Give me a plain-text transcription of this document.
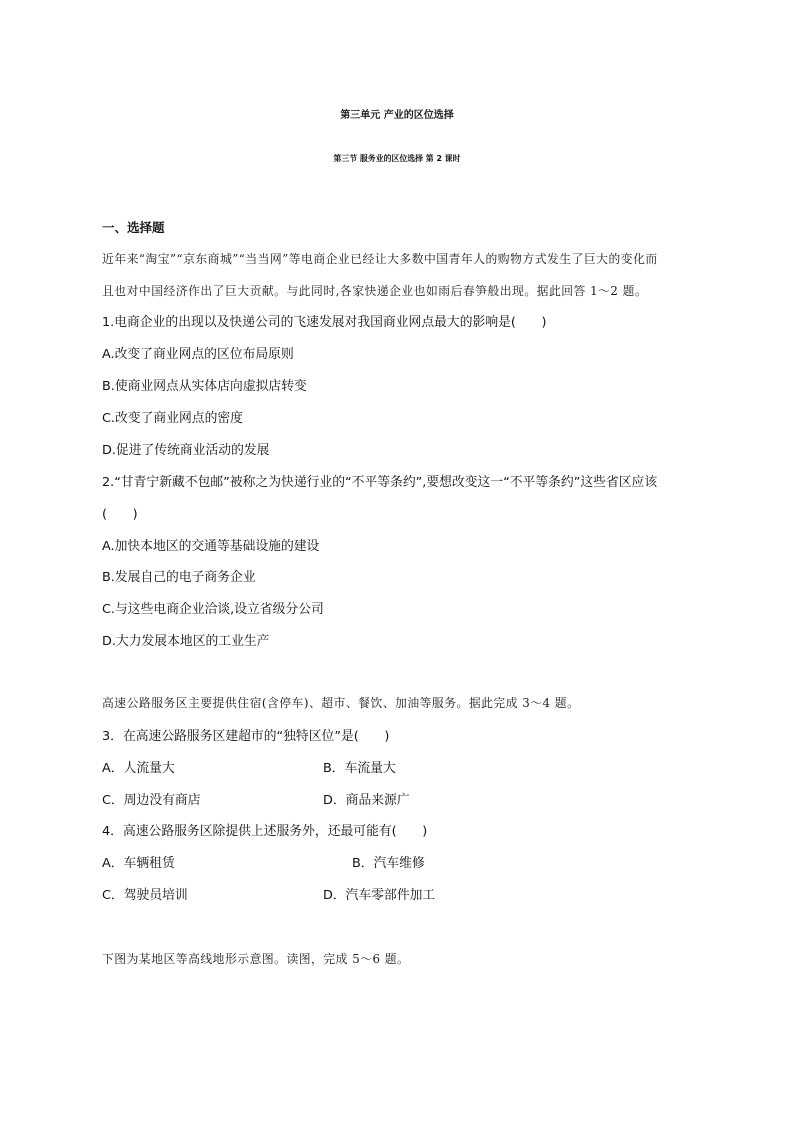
第三单元 产业的区位选择
第三节 服务业的区位选择 第 2 课时
一、选择题
近年来“淘宝”“京东商城”“当当网”等电商企业已经让大多数中国青年人的购物方式发生了巨大的变化而
且也对中国经济作出了巨大贡献。与此同时,各家快递企业也如雨后春笋般出现。据此回答 1～2 题。
1.电商企业的出现以及快递公司的飞速发展对我国商业网点最大的影响是(　　)
A.改变了商业网点的区位布局原则
B.使商业网点从实体店向虚拟店转变
C.改变了商业网点的密度
D.促进了传统商业活动的发展
2.“甘青宁新藏不包邮”被称之为快递行业的“不平等条约”,要想改变这一“不平等条约”这些省区应该
(　　)
A.加快本地区的交通等基础设施的建设
B.发展自己的电子商务企业
C.与这些电商企业洽谈,设立省级分公司
D.大力发展本地区的工业生产
高速公路服务区主要提供住宿(含停车)、超市、餐饮、加油等服务。据此完成 3～4 题。
3．在高速公路服务区建超市的“独特区位”是(　　)
A．人流量大	B．车流量大
C．周边没有商店	D．商品来源广
4．高速公路服务区除提供上述服务外，还最可能有(　　)
A．车辆租赁	B．汽车维修
C．驾驶员培训	D．汽车零部件加工
下图为某地区等高线地形示意图。读图，完成 5～6 题。
